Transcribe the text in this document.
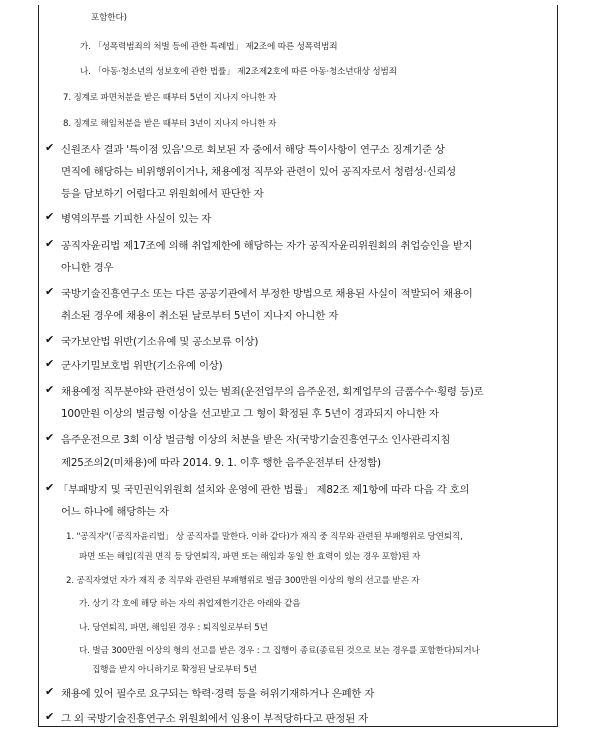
포함한다)
가. 「성폭력범죄의 처벌 등에 관한 특례법」 제2조에 따른 성폭력범죄
나. 「아동·청소년의 성보호에 관한 법률」 제2조제2호에 따른 아동·청소년대상 성범죄
7. 징계로 파면처분을 받은 때부터 5년이 지나지 아니한 자
8. 징계로 해임처분을 받은 때부터 3년이 지나지 아니한 자
✔ 신원조사 결과 '특이점 있음'으로 회보된 자 중에서 해당 특이사항이 연구소 징계기준 상
면직에 해당하는 비위행위이거나, 채용예정 직무와 관련이 있어 공직자로서 청렴성·신뢰성
등을 담보하기 어렵다고 위원회에서 판단한 자
✔ 병역의무를 기피한 사실이 있는 자
✔ 공직자윤리법 제17조에 의해 취업제한에 해당하는 자가 공직자윤리위원회의 취업승인을 받지
아니한 경우
✔ 국방기술진흥연구소 또는 다른 공공기관에서 부정한 방법으로 채용된 사실이 적발되어 채용이
취소된 경우에 채용이 취소된 날로부터 5년이 지나지 아니한 자
✔ 국가보안법 위반(기소유예 및 공소보류 이상)
✔ 군사기밀보호법 위반(기소유예 이상)
✔ 채용예정 직무분야와 관련성이 있는 범죄(운전업무의 음주운전, 회계업무의 금품수수·횡령 등)로
100만원 이상의 벌금형 이상을 선고받고 그 형이 확정된 후 5년이 경과되지 아니한 자
✔ 음주운전으로 3회 이상 벌금형 이상의 처분을 받은 자(국방기술진흥연구소 인사관리지침
제25조의2(미채용)에 따라 2014. 9. 1. 이후 행한 음주운전부터 산정함)
✔ 「부패방지 및 국민권익위원회 설치와 운영에 관한 법률」 제82조 제1항에 따라 다음 각 호의
어느 하나에 해당하는 자
1. "공직자"(「공직자윤리법」 상 공직자를 말한다. 이하 같다)가 재직 중 직무와 관련된 부패행위로 당연퇴직,
파면 또는 해임(직권 면직 등 당연퇴직, 파면 또는 해임과 동일 한 효력이 있는 경우 포함)된 자
2. 공직자였던 자가 재직 중 직무와 관련된 부패행위로 벌금 300만원 이상의 형의 선고를 받은 자
가. 상기 각 호에 해당 하는 자의 취업제한기간은 아래와 같음
나. 당연퇴직, 파면, 해임된 경우 : 퇴직일로부터 5년
다. 벌금 300만원 이상의 형의 선고를 받은 경우 : 그 집행이 종료(종료된 것으로 보는 경우를 포함한다)되거나
집행을 받지 아니하기로 확정된 날로부터 5년
✔ 채용에 있어 필수로 요구되는 학력·경력 등을 허위기재하거나 은폐한 자
✔ 그 외 국방기술진흥연구소 위원회에서 임용이 부적당하다고 판정된 자
